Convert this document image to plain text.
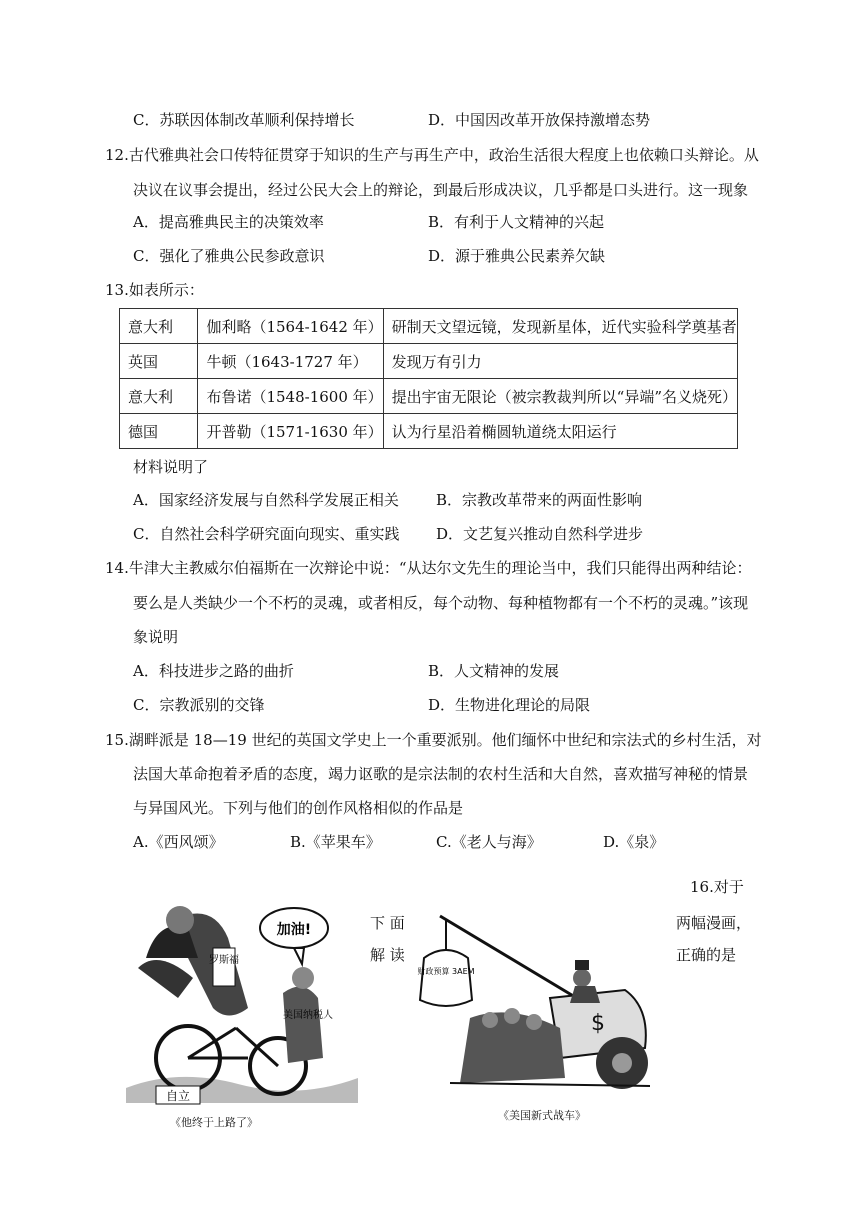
C．苏联因体制改革顺利保持增长	D．中国因改革开放保持激增态势
12.古代雅典社会口传特征贯穿于知识的生产与再生产中，政治生活很大程度上也依赖口头辩论。从
决议在议事会提出，经过公民大会上的辩论，到最后形成决议，几乎都是口头进行。这一现象
A．提高雅典民主的决策效率	B．有利于人文精神的兴起
C．强化了雅典公民参政意识	D．源于雅典公民素养欠缺
13.如表所示：
意大利	伽利略（1564-1642 年）	研制天文望远镜，发现新星体，近代实验科学奠基者
英国	牛顿（1643-1727 年）	发现万有引力
意大利	布鲁诺（1548-1600 年）	提出宇宙无限论（被宗教裁判所以“异端”名义烧死）
德国	开普勒（1571-1630 年）	认为行星沿着椭圆轨道绕太阳运行
材料说明了
A．国家经济发展与自然科学发展正相关 B．宗教改革带来的两面性影响
C．自然社会科学研究面向现实、重实践 D．文艺复兴推动自然科学进步
14.牛津大主教威尔伯福斯在一次辩论中说：“从达尔文先生的理论当中，我们只能得出两种结论：
要么是人类缺少一个不朽的灵魂，或者相反，每个动物、每种植物都有一个不朽的灵魂。”该现
象说明
A．科技进步之路的曲折	B．人文精神的发展
C．宗教派别的交锋	D．生物进化理论的局限
15.湖畔派是 18—19 世纪的英国文学史上一个重要派别。他们缅怀中世纪和宗法式的乡村生活，对
法国大革命抱着矛盾的态度，竭力讴歌的是宗法制的农村生活和大自然，喜欢描写神秘的情景
与异国风光。下列与他们的创作风格相似的作品是
A.《西风颂》	B.《苹果车》	C.《老人与海》	D.《泉》
16.对于
下 面	两幅漫画，
解 读	正确的是
罗斯福
美国纳税人
加油!
自立
《他终于上路了》
财政预算 3AEM
$
《美国新式战车》
